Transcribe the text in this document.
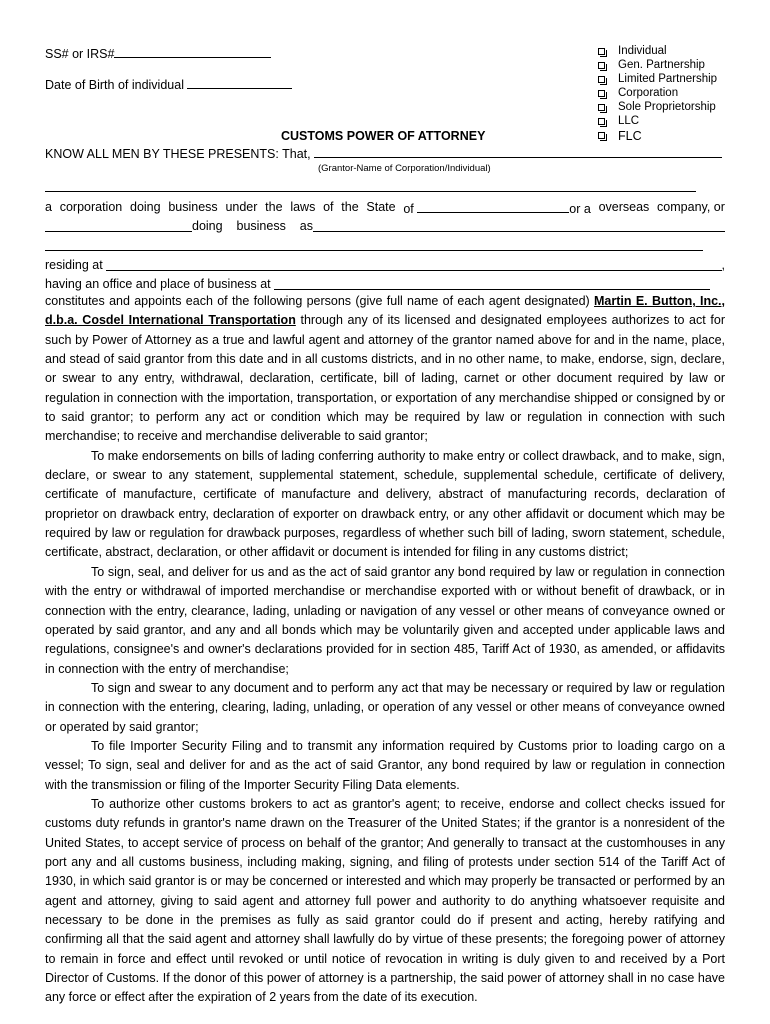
SS# or IRS#
Date of Birth of individual
Individual
Gen. Partnership
Limited Partnership
Corporation
Sole Proprietorship
LLC
FLC
CUSTOMS POWER OF ATTORNEY
KNOW ALL MEN BY THESE PRESENTS: That,
(Grantor-Name of Corporation/Individual)
a corporation doing business under the laws of the State of	or a overseas company, or
doing
business
as
residing at
	,
having an office and place of business at

constitutes and appoints each of the following persons (give full name of each agent designated) Martin E. Button, Inc., d.b.a. Cosdel International Transportation through any of its licensed and designated employees authorizes to act for such by Power of Attorney as a true and lawful agent and attorney of the grantor named above for and in the name, place, and stead of said grantor from this date and in all customs districts, and in no other name, to make, endorse, sign, declare, or swear to any entry, withdrawal, declaration, certificate, bill of lading, carnet or other document required by law or regulation in connection with the importation, transportation, or exportation of any merchandise shipped or consigned by or to said grantor; to perform any act or condition which may be required by law or regulation in connection with such merchandise; to receive and merchandise deliverable to said grantor;

To make endorsements on bills of lading conferring authority to make entry or collect drawback, and to make, sign, declare, or swear to any statement, supplemental statement, schedule, supplemental schedule, certificate of delivery, certificate of manufacture, certificate of manufacture and delivery, abstract of manufacturing records, declaration of proprietor on drawback entry, declaration of exporter on drawback entry, or any other affidavit or document which may be required by law or regulation for drawback purposes, regardless of whether such bill of lading, sworn statement, schedule, certificate, abstract, declaration, or other affidavit or document is intended for filing in any customs district;

To sign, seal, and deliver for us and as the act of said grantor any bond required by law or regulation in connection with the entry or withdrawal of imported merchandise or merchandise exported with or without benefit of drawback, or in connection with the entry, clearance, lading, unlading or navigation of any vessel or other means of conveyance owned or operated by said grantor, and any and all bonds which may be voluntarily given and accepted under applicable laws and regulations, consignee's and owner's declarations provided for in section 485, Tariff Act of 1930, as amended, or affidavits in connection with the entry of merchandise;

To sign and swear to any document and to perform any act that may be necessary or required by law or regulation in connection with the entering, clearing, lading, unlading, or operation of any vessel or other means of conveyance owned or operated by said grantor;

To file Importer Security Filing and to transmit any information required by Customs prior to loading cargo on a vessel; To sign, seal and deliver for and as the act of said Grantor, any bond required by law or regulation in connection with the transmission or filing of the Importer Security Filing Data elements.

To authorize other customs brokers to act as grantor's agent; to receive, endorse and collect checks issued for customs duty refunds in grantor's name drawn on the Treasurer of the United States; if the grantor is a nonresident of the United States, to accept service of process on behalf of the grantor; And generally to transact at the customhouses in any port any and all customs business, including making, signing, and filing of protests under section 514 of the Tariff Act of 1930, in which said grantor is or may be concerned or interested and which may properly be transacted or performed by an agent and attorney, giving to said agent and attorney full power and authority to do anything whatsoever requisite and necessary to be done in the premises as fully as said grantor could do if present and acting, hereby ratifying and confirming all that the said agent and attorney shall lawfully do by virtue of these presents; the foregoing power of attorney to remain in force and effect until revoked or until notice of revocation in writing is duly given to and received by a Port Director of Customs. If the donor of this power of attorney is a partnership, the said power of attorney shall in no case have any force or effect after the expiration of 2 years from the date of its execution.
